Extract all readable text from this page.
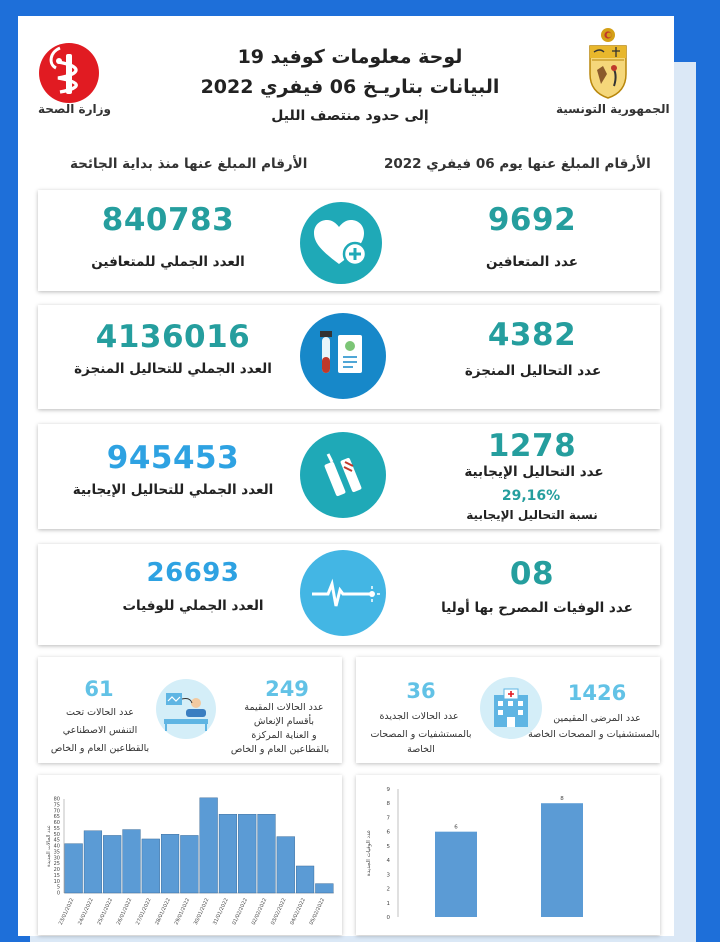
لوحة معلومات كوفيد 19
البيانات بتاريـخ 06 فيفري 2022
إلى حدود منتصف الليل	الجمهورية التونسية
وزارة الصحة
الأرقام المبلغ عنها يوم 06 فيفري 2022
الأرقام المبلغ عنها منذ بداية الجائحة
840783
العدد الجملي للمتعافين
9692
عدد المتعافين
4136016
العدد الجملي للتحاليل المنجزة
4382
عدد التحاليل المنجزة
945453
العدد الجملي للتحاليل الإيجابية
1278
عدد التحاليل الإيجابية
29,16%
نسبة التحاليل الإيجابية
26693
العدد الجملي للوفيات
08
عدد الوفيات المصرح بها أوليا
1426
عدد المرضى المقيمين
بالمستشفيات و المصحات الخاصة
36
عدد الحالات الجديدة
بالمستشفيات و المصحات الخاصة
249
عدد الحالات المقيمة
بأقسام الإنعاش
و العناية المركزة
بالقطاعين العام و الخاص
61
عدد الحالات تحت
التنفس الاصطناعي
بالقطاعين العام و الخاص
0
1
2
3
4
5
6
7
8
9
عدد الوفيات الجديدة
6
8
0
5
10
15
20
25
30
35
40
45
50
55
60
65
70
75
80
عدد الحالات الجديدة
23/01/2022 24/01/2022 25/01/2022 26/01/2022 27/01/2022 28/01/2022 29/01/2022 30/01/2022 31/01/2022 01/02/2022 02/02/2022 03/02/2022 04/02/2022 05/02/2022
